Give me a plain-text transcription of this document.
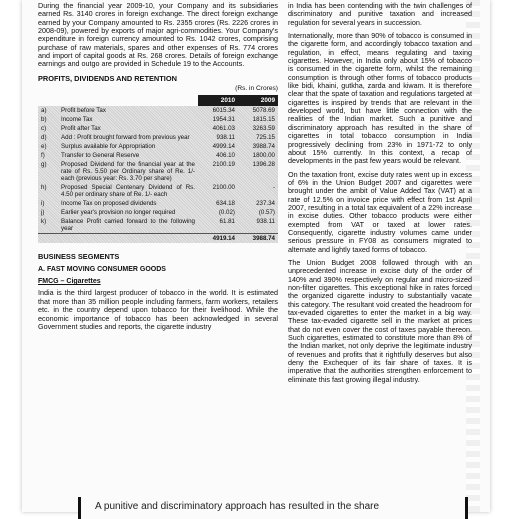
During the financial year 2009-10, your Company and its subsidiaries earned Rs. 3140 crores in foreign exchange. The direct foreign exchange earned by your Company amounted to Rs. 2355 crores (Rs. 2226 crores in 2008-09), powered by exports of major agri-commodities. Your Company's expenditure in foreign currency amounted to Rs. 1042 crores, comprising purchase of raw materials, spares and other expenses of Rs. 774 crores and import of capital goods at Rs. 268 crores. Details of foreign exchange earnings and outgo are provided in Schedule 19 to the Accounts.

PROFITS, DIVIDENDS AND RETENTION
(Rs. in Crores)
		2010	2009
a)	Profit before Tax	6015.34	5078.69
b)	Income Tax	1954.31	1815.15
c)	Profit after Tax	4061.03	3263.59
d)	Add : Profit brought forward from previous year	938.11	725.15
e)	Surplus available for Appropriation	4999.14	3988.74
f)	Transfer to General Reserve	406.10	1800.00
g)	Proposed Dividend for the financial year at the rate of Rs. 5.50 per Ordinary share of Re. 1/- each (previous year: Rs. 3.70 per share)	2100.19	1396.28
h)	Proposed Special Centenary Dividend of Rs. 4.50 per ordinary share of Re. 1/- each	2100.00	-
i)	Income Tax on proposed dividends	634.18	237.34
j)	Earlier year's provision no longer required	(0.02)	(0.57)
k)	Balance Profit carried forward to the following year	61.81	938.11
		4919.14	3988.74
BUSINESS SEGMENTS
A. FAST MOVING CONSUMER GOODS
FMCG – Cigarettes

India is the third largest producer of tobacco in the world. It is estimated that more than 35 million people including farmers, farm workers, retailers etc. in the country depend upon tobacco for their livelihood. While the economic importance of tobacco has been acknowledged in several Government studies and reports, the cigarette industry

in India has been contending with the twin challenges of discriminatory and punitive taxation and increased regulation for several years in succession.

Internationally, more than 90% of tobacco is consumed in the cigarette form, and accordingly tobacco taxation and regulation, in effect, means regulating and taxing cigarettes. However, in India only about 15% of tobacco is consumed in the cigarette form, whilst the remaining consumption is through other forms of tobacco products like bidi, khaini, gutkha, zarda and kiwam. It is therefore clear that the spate of taxation and regulations targeted at cigarettes is inspired by trends that are relevant in the developed world, but have little connection with the realities of the Indian market. Such a punitive and discriminatory approach has resulted in the share of cigarettes in total tobacco consumption in India progressively declining from 23% in 1971-72 to only about 15% currently. In this context, a recap of developments in the past few years would be relevant.

On the taxation front, excise duty rates went up in excess of 6% in the Union Budget 2007 and cigarettes were brought under the ambit of Value Added Tax (VAT) at a rate of 12.5% on invoice price with effect from 1st April 2007, resulting in a total tax equivalent of a 22% increase in excise duties. Other tobacco products were either exempted from VAT or taxed at lower rates. Consequently, cigarette industry volumes came under serious pressure in FY08 as consumers migrated to alternate and lightly taxed forms of tobacco.

The Union Budget 2008 followed through with an unprecedented increase in excise duty of the order of 140% and 390% respectively on regular and micro-sized non-filter cigarettes. This exceptional hike in rates forced the organized cigarette industry to substantially vacate this category. The resultant void created the headroom for tax-evaded cigarettes to enter the market in a big way. These tax-evaded cigarette sell in the market at prices that do not even cover the cost of taxes payable thereon. Such cigarettes, estimated to constitute more than 8% of the Indian market, not only deprive the legitimate industry of revenues and profits that it rightfully deserves but also deny the Exchequer of its fair share of taxes. It is imperative that the authorities strengthen enforcement to eliminate this fast growing illegal industry.

A punitive and discriminatory approach has resulted in the share
